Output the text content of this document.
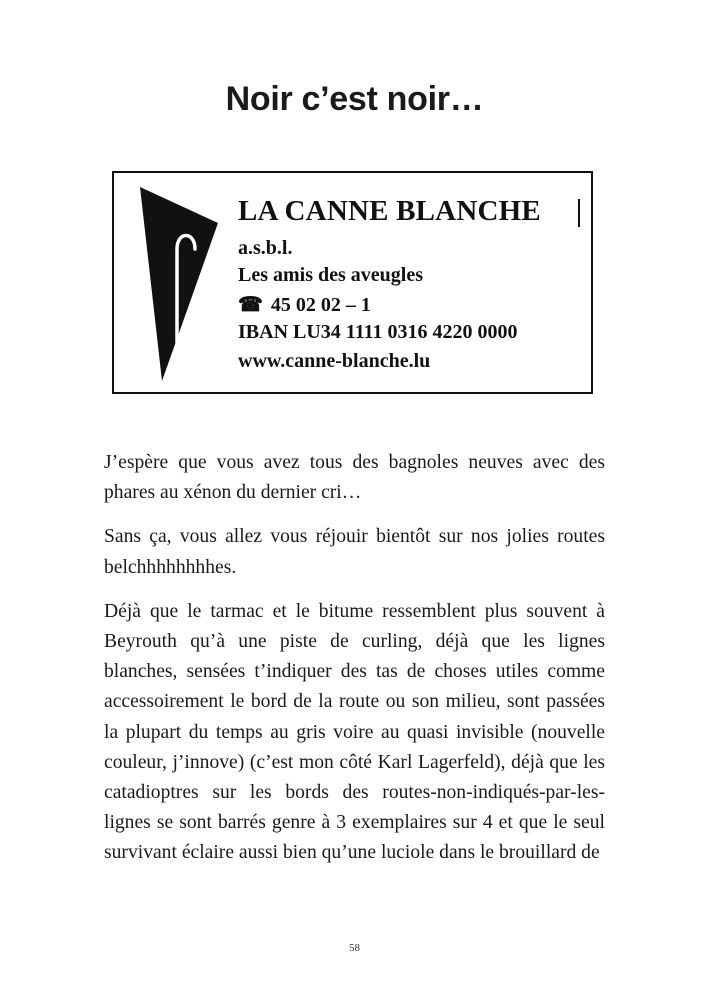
Noir c’est noir…
LA CANNE BLANCHE
a.s.b.l.
Les amis des aveugles
☎ 45 02 02 – 1
IBAN LU34 1111 0316 4220 0000
www.canne-blanche.lu

J’espère que vous avez tous des bagnoles neuves avec des phares au xénon du dernier cri…

Sans ça, vous allez vous réjouir bientôt sur nos jolies routes belchhhhhhhhes.

Déjà que le tarmac et le bitume ressemblent plus souvent à Beyrouth qu’à une piste de curling, déjà que les lignes blanches, sensées t’indiquer des tas de choses utiles comme accessoirement le bord de la route ou son milieu, sont passées la plupart du temps au gris voire au quasi invisible (nouvelle couleur, j’innove) (c’est mon côté Karl Lagerfeld), déjà que les catadioptres sur les bords des routes-non-indiqués-par-les-lignes se sont barrés genre à 3 exemplaires sur 4 et que le seul survivant éclaire aussi bien qu’une luciole dans le brouillard de

58
